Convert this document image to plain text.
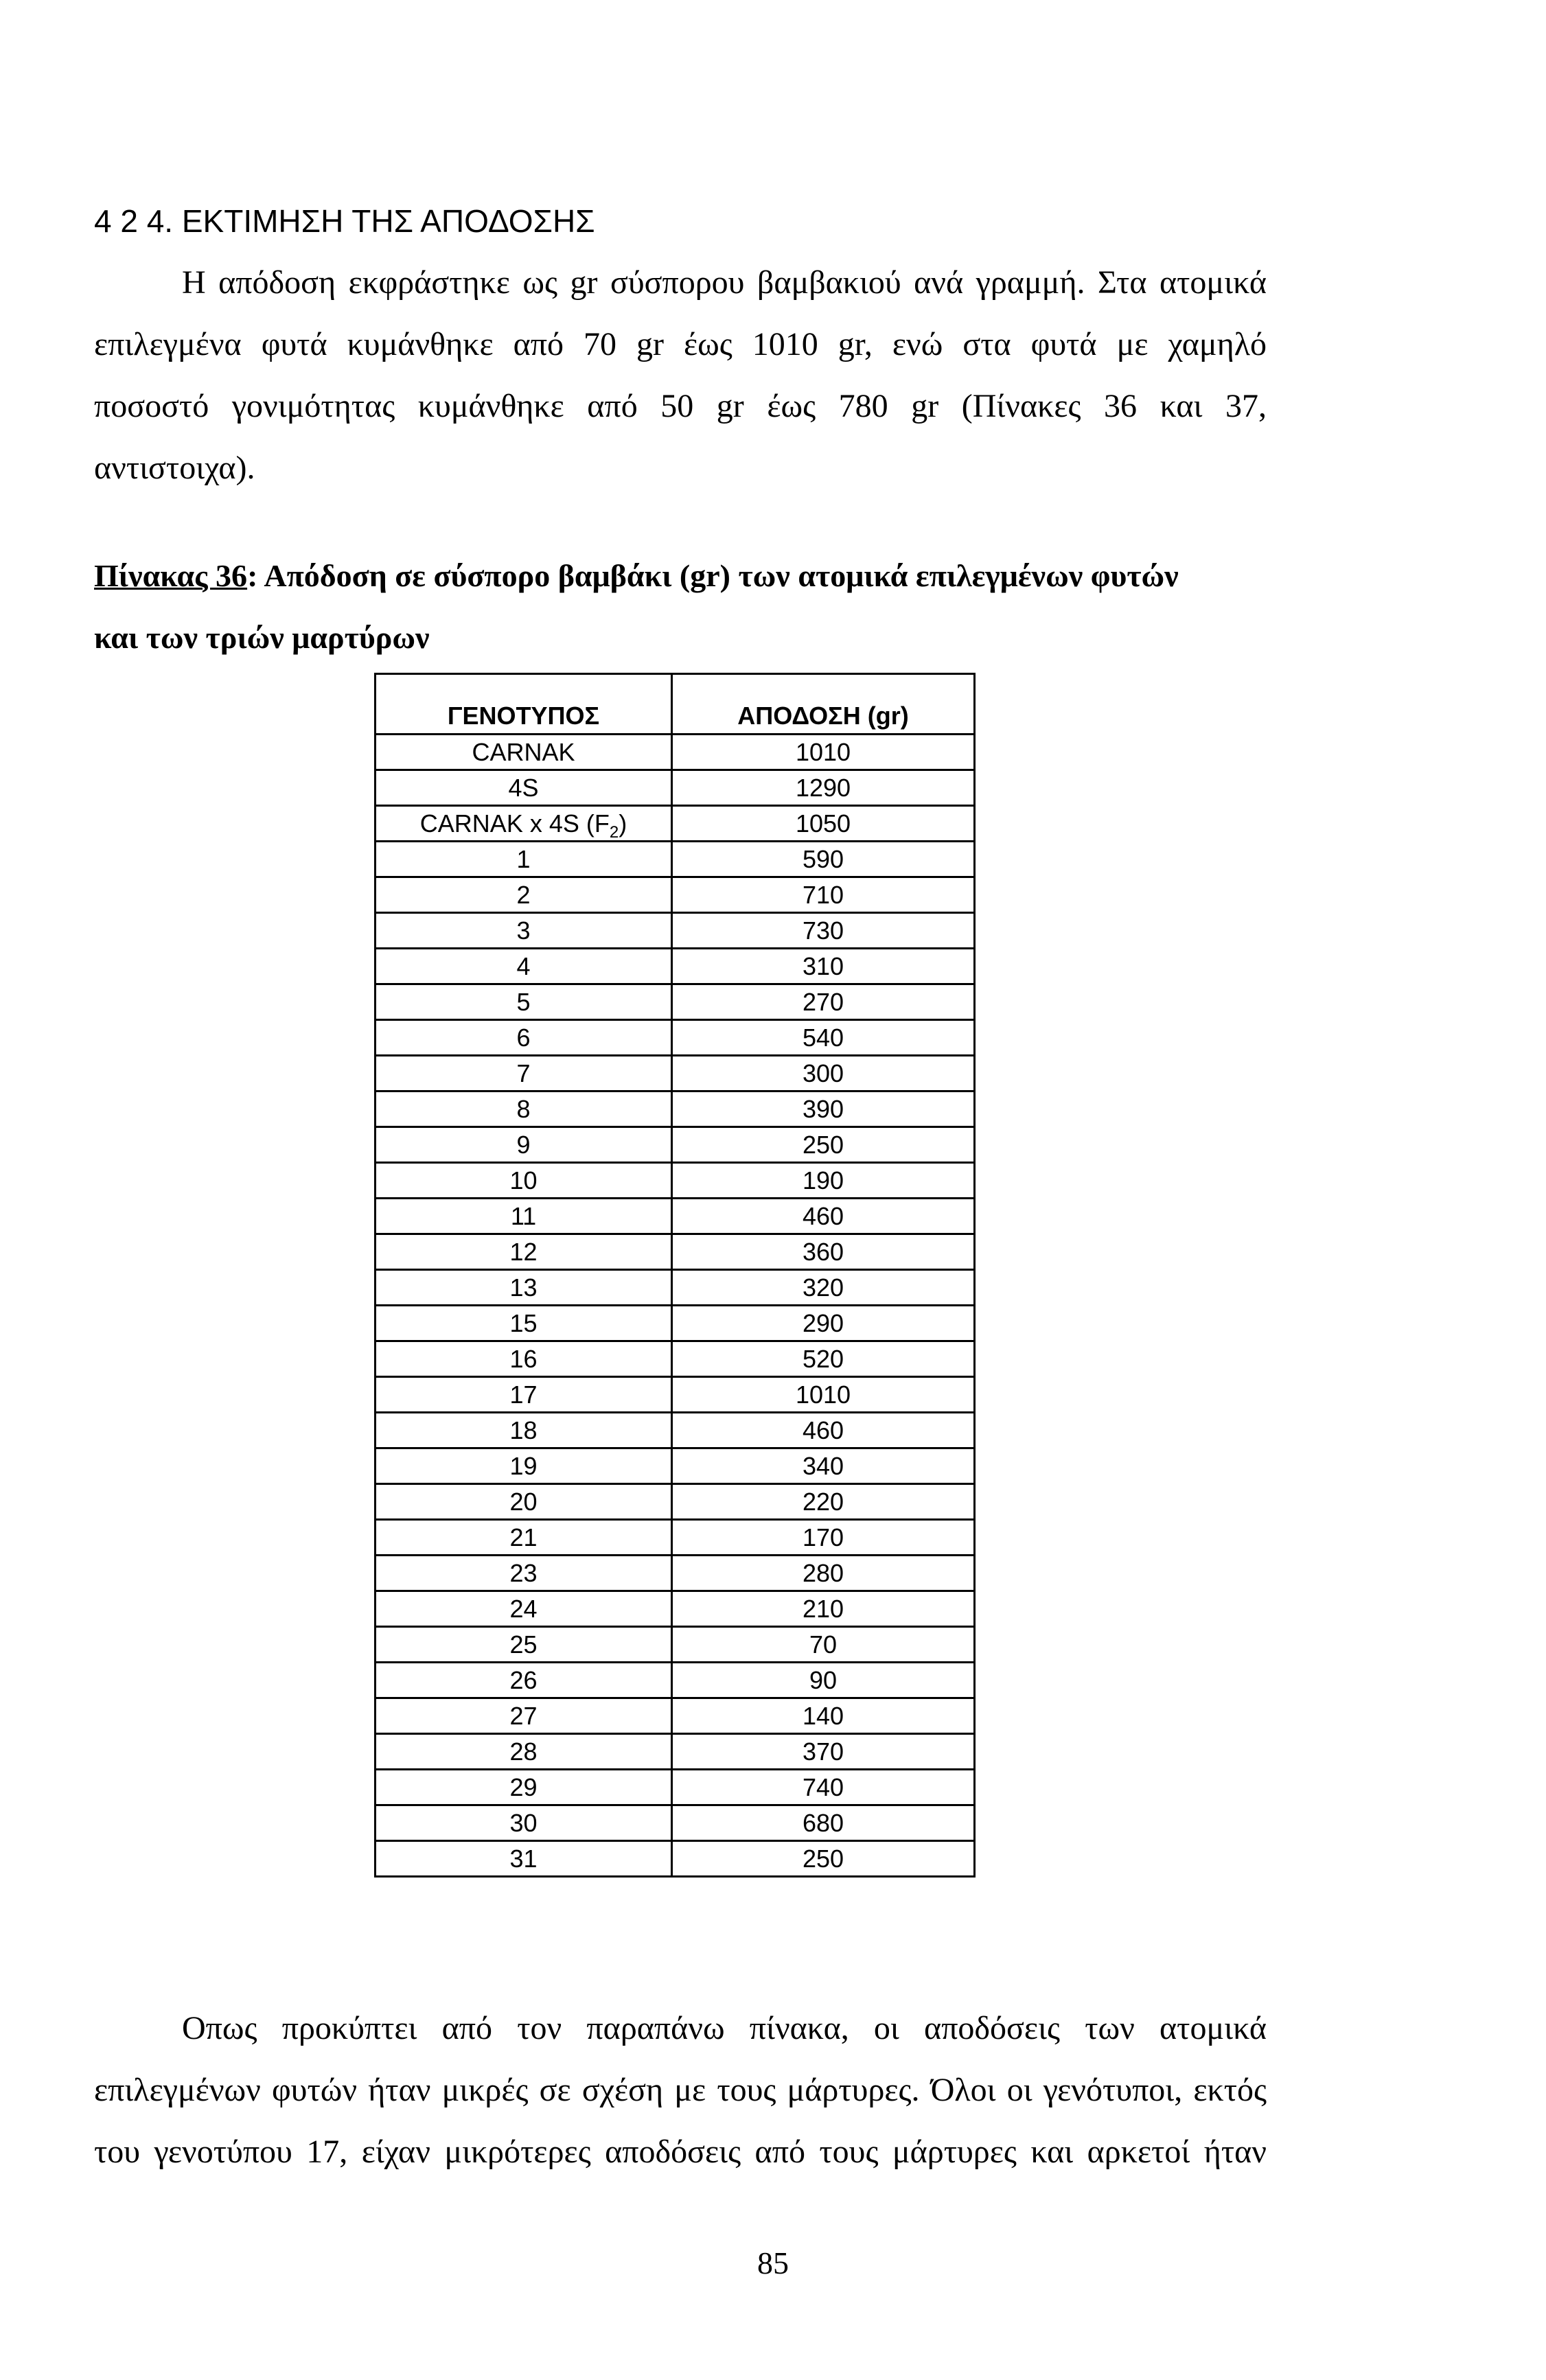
4 2 4. ΕΚΤΙΜΗΣΗ ΤΗΣ ΑΠΟΔΟΣΗΣ
Η απόδοση εκφράστηκε ως gr σύσπορου βαμβακιού ανά γραμμή. Στα ατομικά
επιλεγμένα φυτά κυμάνθηκε από 70 gr έως 1010 gr, ενώ στα φυτά με χαμηλό
ποσοστό γονιμότητας κυμάνθηκε από 50 gr έως 780 gr (Πίνακες 36 και 37,
αντιστοιχα).
Πίνακας 36: Απόδοση σε σύσπορο βαμβάκι (gr) των ατομικά επιλεγμένων φυτών
και των τριών μαρτύρων
ΓΕΝΟΤΥΠΟΣ	ΑΠΟΔΟΣΗ (gr)
CARNAK	1010
4S	1290
CARNAK x 4S $(F_2)$	1050
1	590
2	710
3	730
4	310
5	270
6	540
7	300
8	390
9	250
10	190
11	460
12	360
13	320
15	290
16	520
17	1010
18	460
19	340
20	220
21	170
23	280
24	210
25	70
26	90
27	140
28	370
29	740
30	680
31	250
Οπως προκύπτει από τον παραπάνω πίνακα, οι αποδόσεις των ατομικά
επιλεγμένων φυτών ήταν μικρές σε σχέση με τους μάρτυρες. Όλοι οι γενότυποι, εκτός
του γενοτύπου 17, είχαν μικρότερες αποδόσεις από τους μάρτυρες και αρκετοί ήταν
85
